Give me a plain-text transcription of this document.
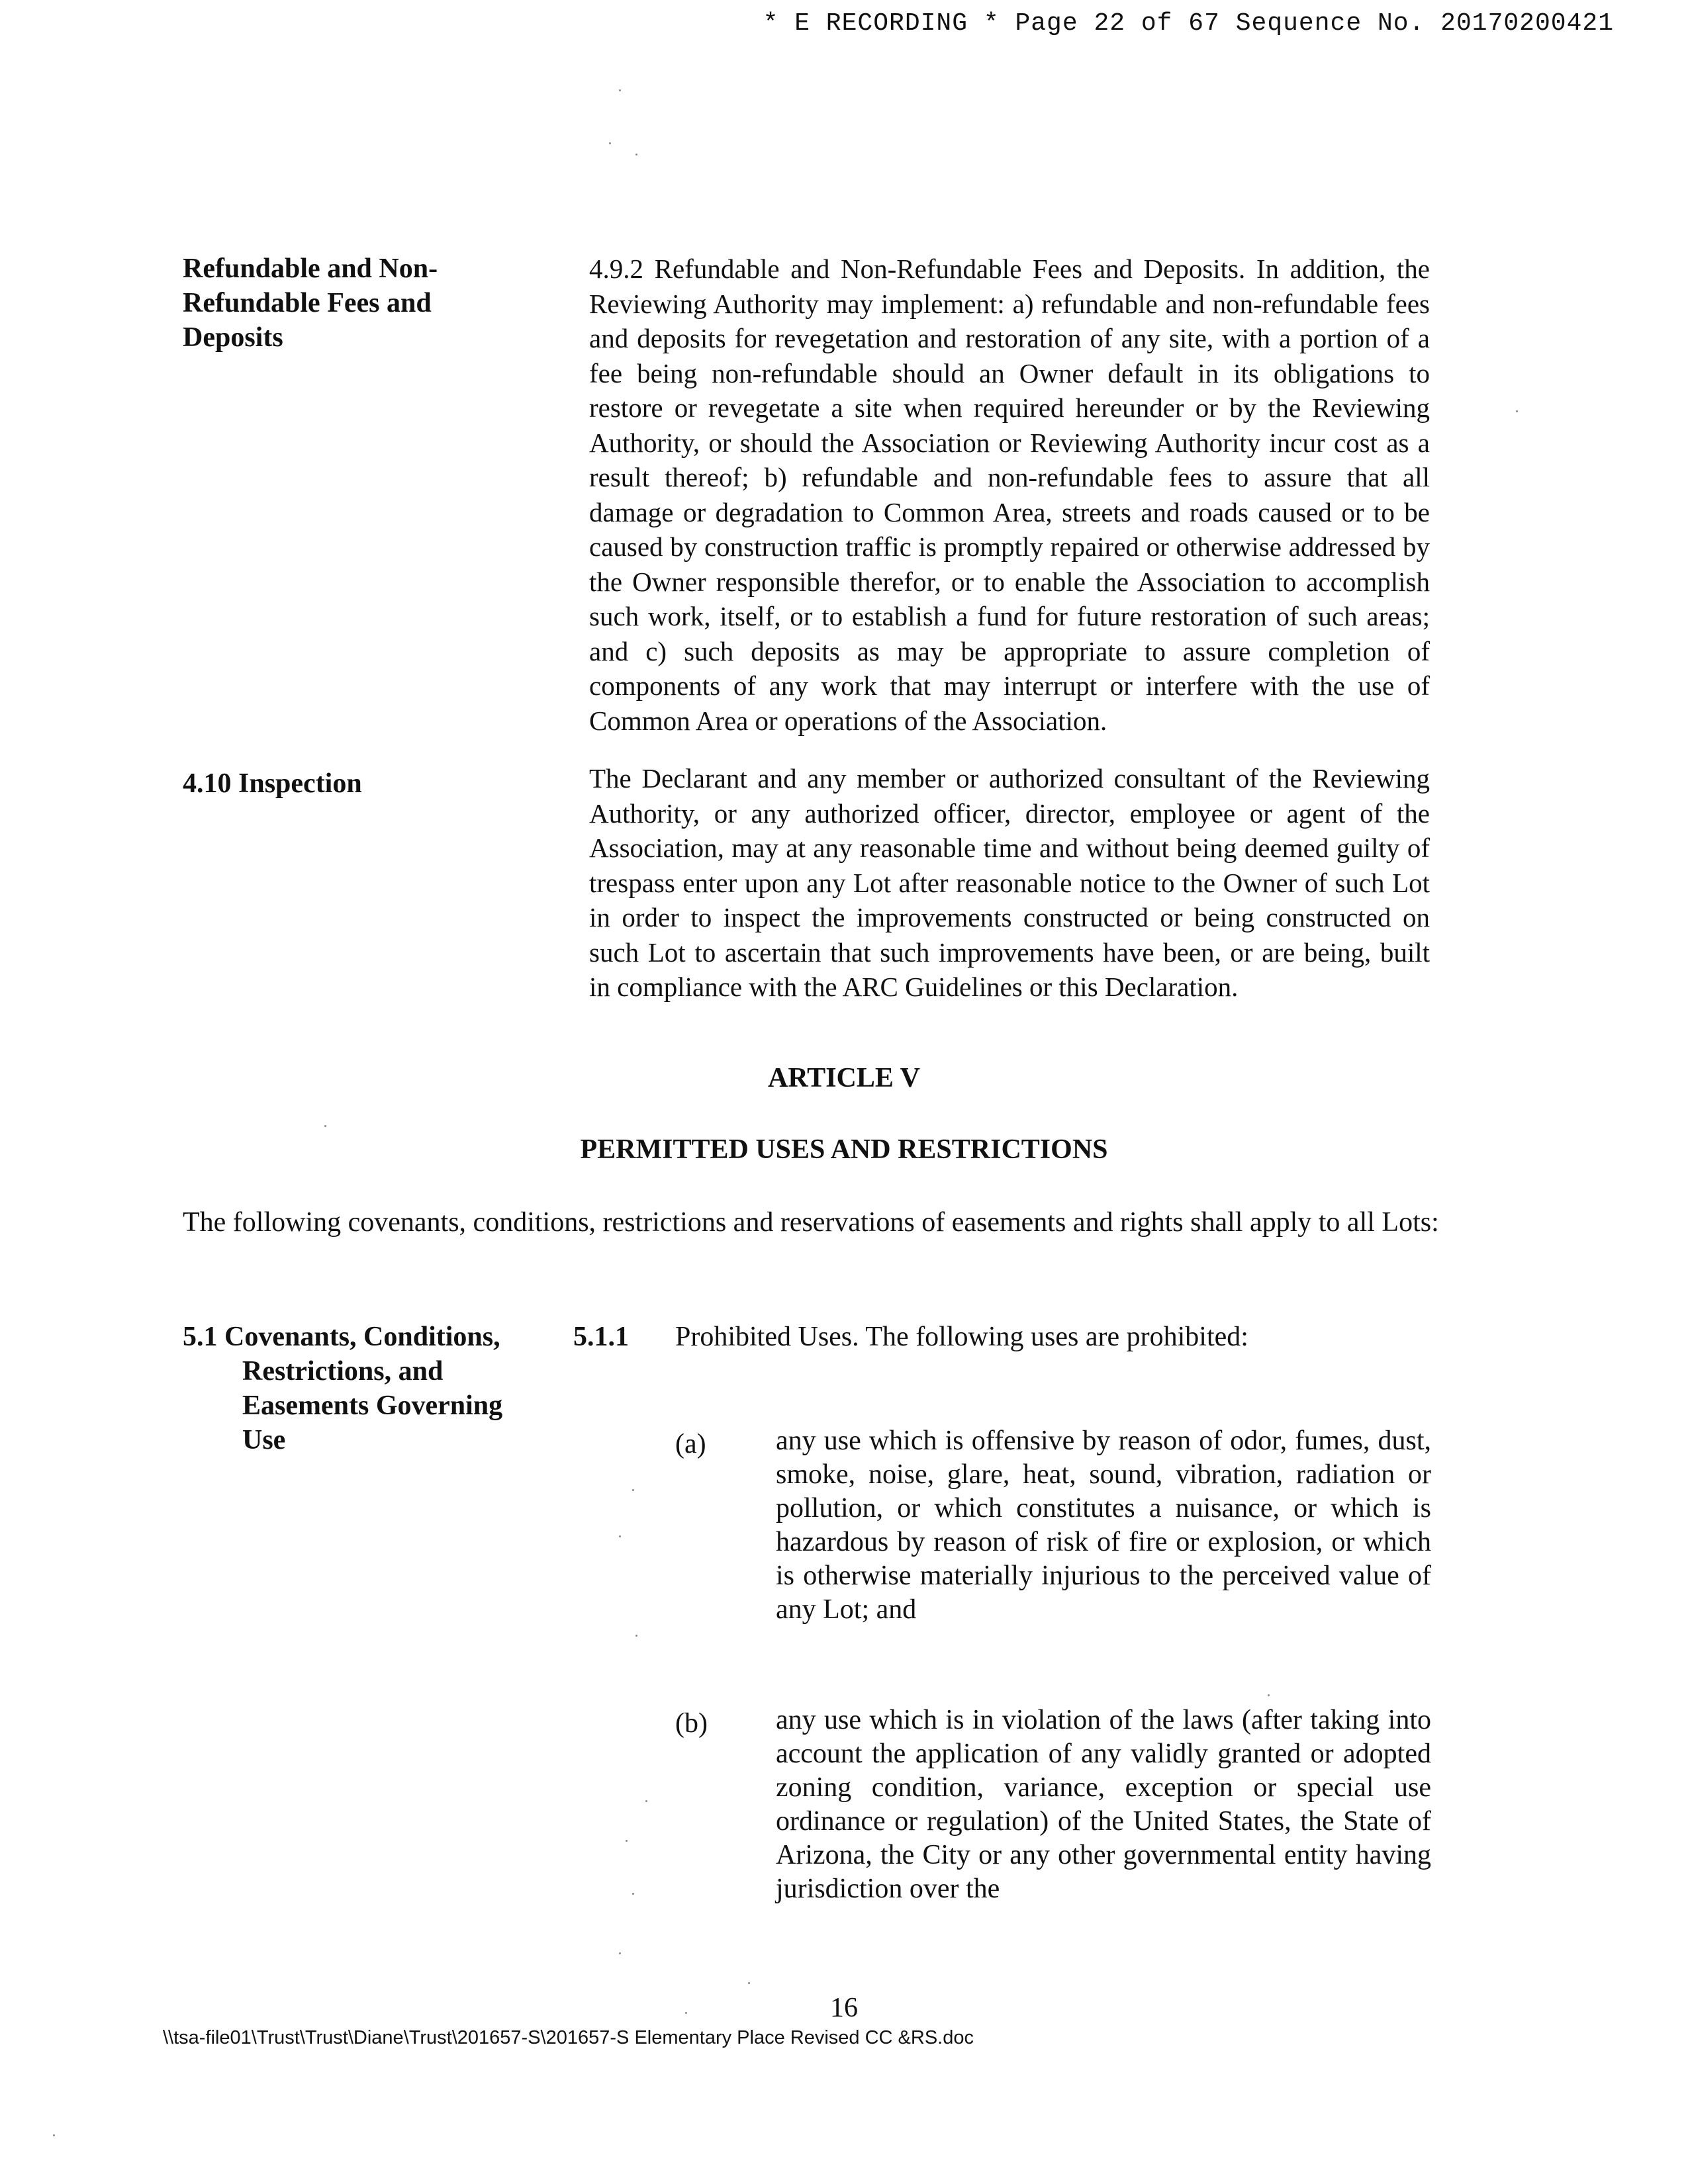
* E RECORDING * Page 22 of 67 Sequence No. 20170200421
Refundable and Non-Refundable Fees and Deposits
4.9.2 Refundable and Non-Refundable Fees and Deposits. In addition, the Reviewing Authority may implement: a) refundable and non-refundable fees and deposits for revegetation and restoration of any site, with a portion of a fee being non-refundable should an Owner default in its obligations to restore or revegetate a site when required hereunder or by the Reviewing Authority, or should the Association or Reviewing Authority incur cost as a result thereof; b) refundable and non-refundable fees to assure that all damage or degradation to Common Area, streets and roads caused or to be caused by construction traffic is promptly repaired or otherwise addressed by the Owner responsible therefor, or to enable the Association to accomplish such work, itself, or to establish a fund for future restoration of such areas; and c) such deposits as may be appropriate to assure completion of components of any work that may interrupt or interfere with the use of Common Area or operations of the Association.
4.10 Inspection	The Declarant and any member or authorized consultant of the Reviewing Authority, or any authorized officer, director, employee or agent of the Association, may at any reasonable time and without being deemed guilty of trespass enter upon any Lot after reasonable notice to the Owner of such Lot in order to inspect the improvements constructed or being constructed on such Lot to ascertain that such improvements have been, or are being, built in compliance with the ARC Guidelines or this Declaration.
ARTICLE V
PERMITTED USES AND RESTRICTIONS
The following covenants, conditions, restrictions and reservations of easements and rights shall apply to all Lots:
5.1 Covenants, Conditions,
Restrictions, and
Easements Governing
Use
5.1.1 Prohibited Uses. The following uses are prohibited:
(a)	any use which is offensive by reason of odor, fumes, dust, smoke, noise, glare, heat, sound, vibration, radiation or pollution, or which constitutes a nuisance, or which is hazardous by reason of risk of fire or explosion, or which is otherwise materially injurious to the perceived value of any Lot; and
(b) any use which is in violation of the laws (after taking into account the application of any validly granted or adopted zoning condition, variance, exception or special use ordinance or regulation) of the United States, the State of Arizona, the City or any other governmental entity having jurisdiction over the
16
\\tsa-file01\Trust\Trust\Diane\Trust\201657-S\201657-S Elementary Place Revised CC &RS.doc
